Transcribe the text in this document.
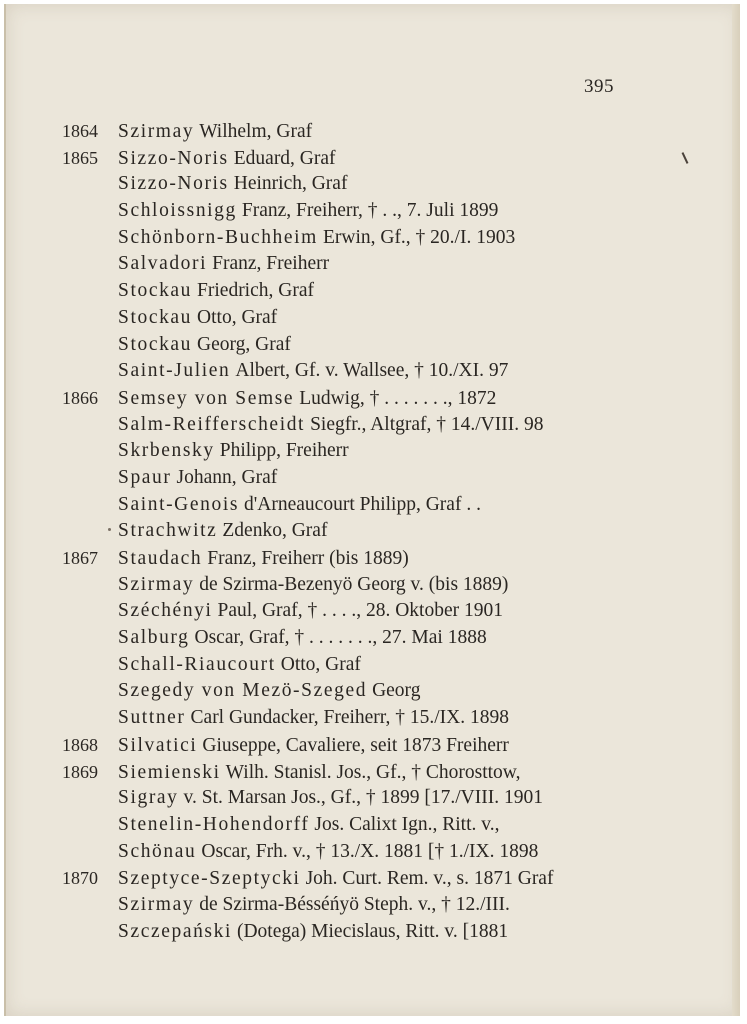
395
1864	Szirmay Wilhelm, Graf
1865	Sizzo-Noris Eduard, Graf
Sizzo-Noris Heinrich, Graf
Schloissnigg Franz, Freiherr, † . ., 7. Juli 1899
Schönborn-Buchheim Erwin, Gf., † 20./I. 1903
Salvadori Franz, Freiherr
Stockau Friedrich, Graf
Stockau Otto, Graf
Stockau Georg, Graf
Saint-Julien Albert, Gf. v. Wallsee, † 10./XI. 97
1866	Semsey von Semse Ludwig, † . . . . . . ., 1872
Salm-Reifferscheidt Siegfr., Altgraf, † 14./VIII. 98
Skrbensky Philipp, Freiherr
Spaur Johann, Graf
Saint-Genois d'Arneaucourt Philipp, Graf . .
Strachwitz Zdenko, Graf
1867	Staudach Franz, Freiherr (bis 1889)
Szirmay de Szirma-Bezenyö Georg v. (bis 1889)
Széchényi Paul, Graf, † . . . ., 28. Oktober 1901
Salburg Oscar, Graf, † . . . . . . ., 27. Mai 1888
Schall-Riaucourt Otto, Graf
Szegedy von Mezö-Szeged Georg
Suttner Carl Gundacker, Freiherr, † 15./IX. 1898
1868	Silvatici Giuseppe, Cavaliere, seit 1873 Freiherr
1869	Siemienski Wilh. Stanisl. Jos., Gf., † Chorosttow,
Sigray v. St. Marsan Jos., Gf., † 1899 [17./VIII. 1901
Stenelin-Hohendorff Jos. Calixt Ign., Ritt. v.,
Schönau Oscar, Frh. v., † 13./X. 1881 [† 1./IX. 1898
1870	Szeptyce-Szeptycki Joh. Curt. Rem. v., s. 1871 Graf
Szirmay de Szirma-Bésséńyö Steph. v., † 12./III.
Szczepański (Dotega) Miecislaus, Ritt. v. [1881
